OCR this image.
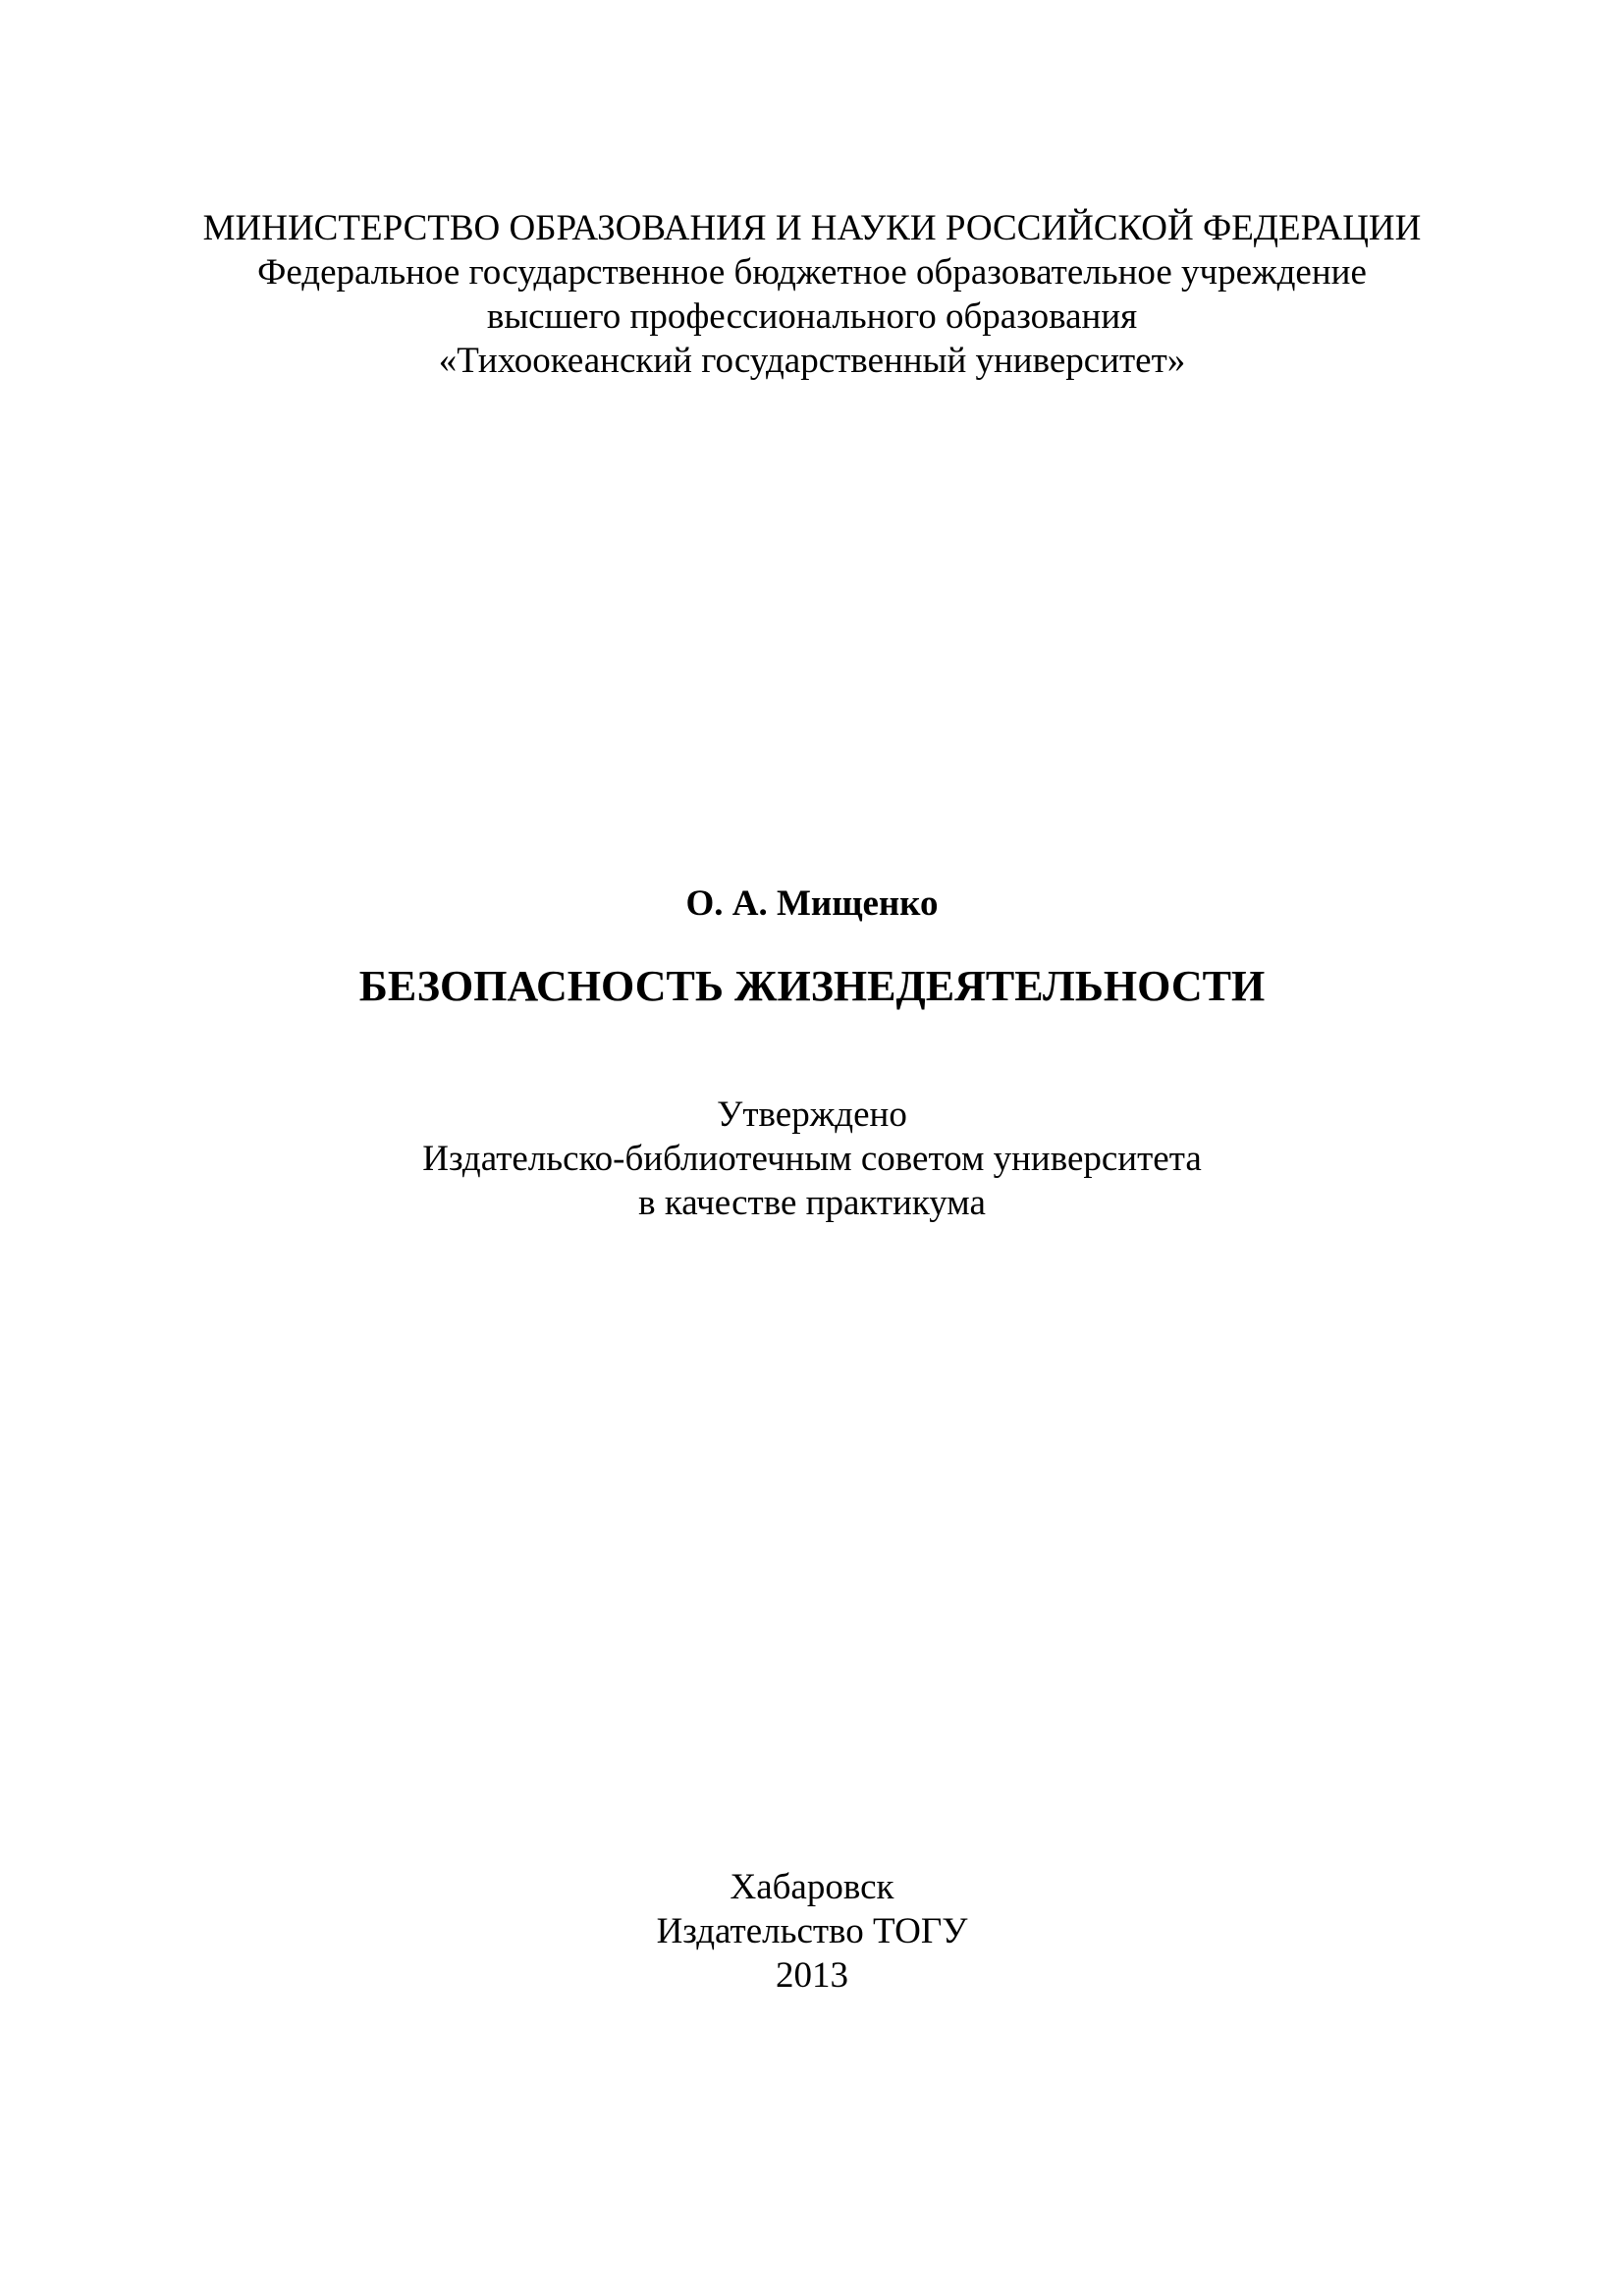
МИНИСТЕРСТВО ОБРАЗОВАНИЯ И НАУКИ РОССИЙСКОЙ ФЕДЕРАЦИИ
Федеральное государственное бюджетное образовательное учреждение
высшего профессионального образования
«Тихоокеанский государственный университет»
О. А. Мищенко
БЕЗОПАСНОСТЬ ЖИЗНЕДЕЯТЕЛЬНОСТИ
Утверждено
Издательско-библиотечным советом университета
в качестве практикума
Хабаровск
Издательство ТОГУ
2013
